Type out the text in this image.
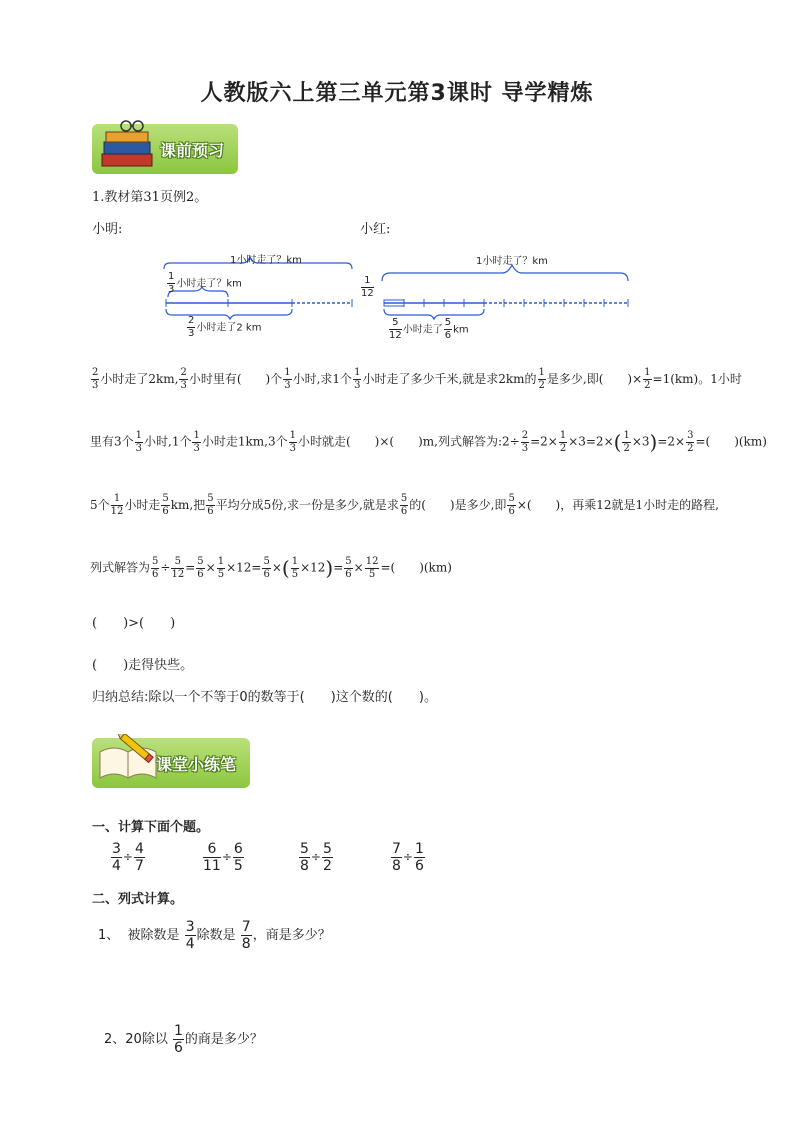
人教版六上第三单元第3课时 导学精炼
课前预习
1.教材第31页例2。
小明:	小红:
1小时走了？km
$\frac{1}{3}$ 小时走了？km
$\frac{2}{3}$ 小时走了2 km
1小时走了？km
$\frac{1}{12}$
$\frac{5}{12}$ 小时走了 $\frac{5}{6}$ km
$\frac{2}{3}$ 小时走了2km, $\frac{2}{3}$ 小时里有(　　)个 $\frac{1}{3}$ 小时,求1个 $\frac{1}{3}$ 小时走了多少千米,就是求2km的 $\frac{1}{2}$ 是多少,即(　　)× $\frac{1}{2} =1(km)$。1小时
里有3个 $\frac{1}{3}$ 小时,1个 $\frac{1}{3}$ 小时走1km,3个 $\frac{1}{3}$ 小时就走(　　)×(　　)m,列式解答为:2÷ $\frac{2}{3} =2\times \frac{1}{2} \times 3=2\times( \frac{1}{2} \times 3)=2\times \frac{3}{2}$ =(　　)(km)
5个 $\frac{1}{12}$ 小时走 $\frac{5}{6}$ km,把 $\frac{5}{6}$ 平均分成5份,求一份是多少,就是求 $\frac{5}{6}$ 的(　　)是多少,即 $\frac{5}{6}$ ×(　　)，再乘12就是1小时走的路程,
列式解答为 $\frac{5}{6} \div \frac{5}{12} = \frac{5}{6} \times \frac{1}{5} \times 12= \frac{5}{6}$ ×( $\frac{1}{5} \times 12)= \frac{5}{6} \times \frac{12}{5}$ =(　　)(km)
(　　)>(　　)
(　　)走得快些。
归纳总结:除以一个不等于0的数等于(　　)这个数的(　　)。
课堂小练笔
一、计算下面个题。
$\frac{3}{4} \div \frac{4}{7}$	$\frac{6}{11} \div \frac{6}{5}$	$\frac{5}{8} \div \frac{5}{2}$	$\frac{7}{8} \div \frac{1}{6}$
二、列式计算。
1、 被除数是 $\frac{3}{4}$ 除数是 $\frac{7}{8}$ ，商是多少？
2、20除以 $\frac{1}{6}$ 的商是多少？
